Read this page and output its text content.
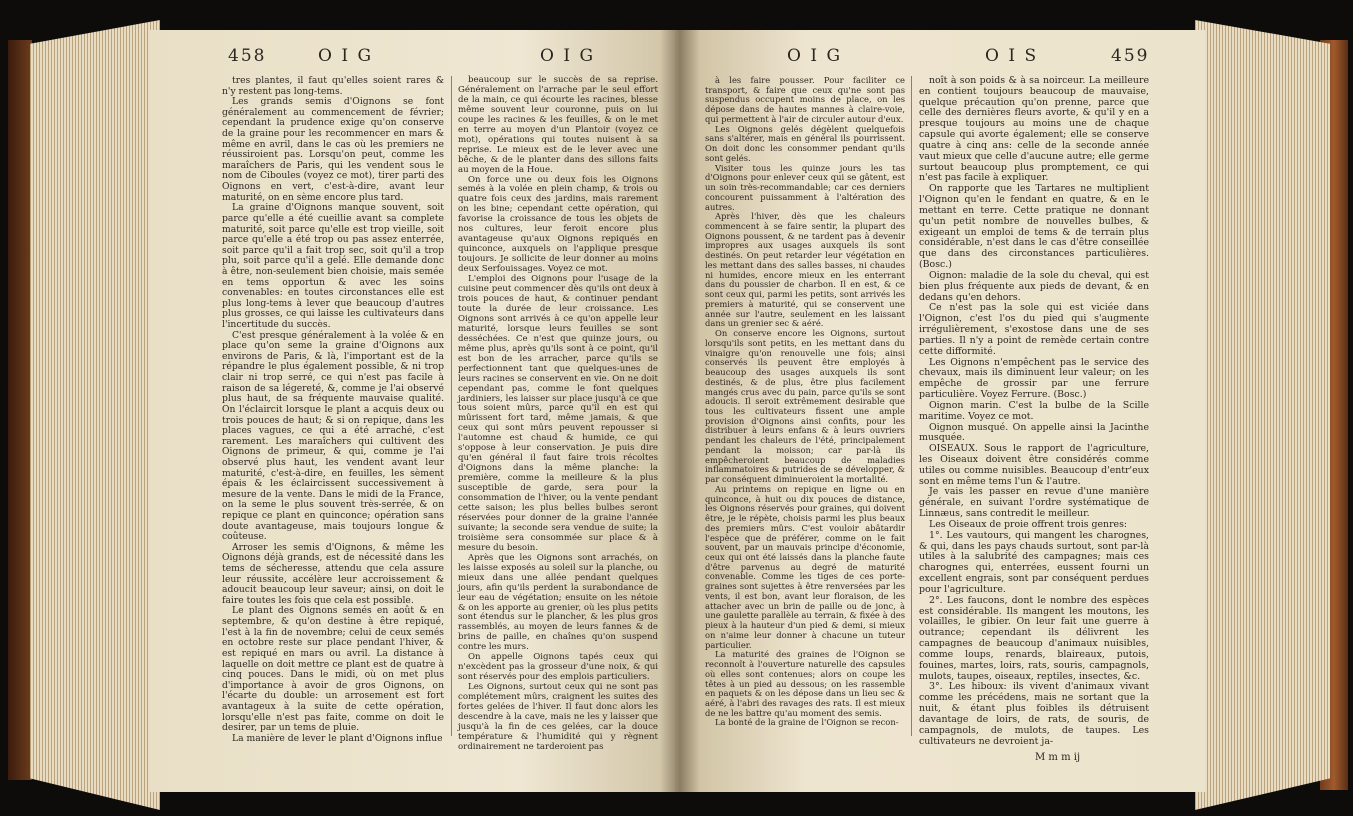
458	O I G	O I G

tres plantes, il faut qu'elles soient rares & n'y restent pas long-tems.

Les grands semis d'Oignons se font généralement au commencement de février; cependant la prudence exige qu'on conserve de la graine pour les recommencer en mars & même en avril, dans le cas où les premiers ne réussiroient pas. Lorsqu'on peut, comme les maraîchers de Paris, qui les vendent sous le nom de Ciboules (voyez ce mot), tirer parti des Oignons en vert, c'est-à-dire, avant leur maturité, on en sème encore plus tard.

La graine d'Oignons manque souvent, soit parce qu'elle a été cueillie avant sa complete maturité, soit parce qu'elle est trop vieille, soit parce qu'elle a été trop ou pas assez enterrée, soit parce qu'il a fait trop sec, soit qu'il a trop plu, soit parce qu'il a gelé. Elle demande donc à être, non-seulement bien choisie, mais semée en tems opportun & avec les soins convenables: en toutes circonstances elle est plus long-tems à lever que beaucoup d'autres plus grosses, ce qui laisse les cultivateurs dans l'incertitude du succès.

C'est presque généralement à la volée & en place qu'on seme la graine d'Oignons aux environs de Paris, & là, l'important est de la répandre le plus également possible, & ni trop clair ni trop serré, ce qui n'est pas facile à raison de sa légereté, &, comme je l'ai observé plus haut, de sa fréquente mauvaise qualité. On l'éclaircit lorsque le plant a acquis deux ou trois pouces de haut; & si on repique, dans les places vagues, ce qui a été arraché, c'est rarement. Les maraîchers qui cultivent des Oignons de primeur, & qui, comme je l'ai observé plus haut, les vendent avant leur maturité, c'est-à-dire, en feuilles, les sèment épais & les éclaircissent successivement à mesure de la vente. Dans le midi de la France, on la seme le plus souvent très-serrée, & on repique ce plant en quinconce; opération sans doute avantageuse, mais toujours longue & coûteuse.

Arroser les semis d'Oignons, & même les Oignons déjà grands, est de nécessité dans les tems de sécheresse, attendu que cela assure leur réussite, accélère leur accroissement & adoucit beaucoup leur saveur; ainsi, on doit le faire toutes les fois que cela est possible.

Le plant des Oignons semés en août & en septembre, & qu'on destine à être repiqué, l'est à la fin de novembre; celui de ceux semés en octobre reste sur place pendant l'hiver, & est repiqué en mars ou avril. La distance à laquelle on doit mettre ce plant est de quatre à cinq pouces. Dans le midi, où on met plus d'importance à avoir de gros Oignons, on l'écarte du double: un arrosement est fort avantageux à la suite de cette opération, lorsqu'elle n'est pas faite, comme on doit le desirer, par un tems de pluie.

La manière de lever le plant d'Oignons influe

beaucoup sur le succès de sa reprise. Généralement on l'arrache par le seul effort de la main, ce qui écourte les racines, blesse même souvent leur couronne, puis on lui coupe les racines & les feuilles, & on le met en terre au moyen d'un Plantoir (voyez ce mot), opérations qui toutes nuisent à sa reprise. Le mieux est de le lever avec une bêche, & de le planter dans des sillons faits au moyen de la Houe.

On force une ou deux fois les Oignons semés à la volée en plein champ, & trois ou quatre fois ceux des jardins, mais rarement on les bine; cependant cette opération, qui favorise la croissance de tous les objets de nos cultures, leur feroit encore plus avantageuse qu'aux Oignons repiqués en quinconce, auxquels on l'applique presque toujours. Je sollicite de leur donner au moins deux Serfouissages. Voyez ce mot.

L'emploi des Oignons pour l'usage de la cuisine peut commencer dès qu'ils ont deux à trois pouces de haut, & continuer pendant toute la durée de leur croissance. Les Oignons sont arrivés à ce qu'on appelle leur maturité, lorsque leurs feuilles se sont desséchées. Ce n'est que quinze jours, ou même plus, après qu'ils sont à ce point, qu'il est bon de les arracher, parce qu'ils se perfectionnent tant que quelques-unes de leurs racines se conservent en vie. On ne doit cependant pas, comme le font quelques jardiniers, les laisser sur place jusqu'à ce que tous soient mûrs, parce qu'il en est qui mûrissent fort tard, même jamais, & que ceux qui sont mûrs peuvent repousser si l'automne est chaud & humide, ce qui s'oppose à leur conservation. Je puis dire qu'en général il faut faire trois récoltes d'Oignons dans la même planche: la première, comme la meilleure & la plus susceptible de garde, sera pour la consommation de l'hiver, ou la vente pendant cette saison; les plus belles bulbes seront réservées pour donner de la graine l'année suivante; la seconde sera vendue de suite; la troisième sera consommée sur place & à mesure du besoin.

Après que les Oignons sont arrachés, on les laisse exposés au soleil sur la planche, ou mieux dans une allée pendant quelques jours, afin qu'ils perdent la surabondance de leur eau de végétation; ensuite on les nétoie & on les apporte au grenier, où les plus petits sont étendus sur le plancher, & les plus gros rassemblés, au moyen de leurs fannes & de brins de paille, en chaînes qu'on suspend contre les murs.

On appelle Oignons tapés ceux qui n'excèdent pas la grosseur d'une noix, & qui sont réservés pour des emplois particuliers.

Les Oignons, surtout ceux qui ne sont pas complétement mûrs, craignent les suites des fortes gelées de l'hiver. Il faut donc alors les descendre à la cave, mais ne les y laisser que jusqu'à la fin de ces gelées, car la douce température & l'humidité qui y règnent ordinairement ne tarderoient pas

O I G	O I S	459

à les faire pousser. Pour faciliter ce transport, & faire que ceux qu'ne sont pas suspendus occupent moins de place, on les dépose dans de hautes mannes à claire-voie, qui permettent à l'air de circuler autour d'eux.

Les Oignons gelés dégèlent quelquefois sans s'altérer, mais en général ils pourrissent. On doit donc les consommer pendant qu'ils sont gelés.

Visiter tous les quinze jours les tas d'Oignons pour enlever ceux qui se gâtent, est un soin très-recommandable; car ces derniers concourent puissamment à l'altération des autres.

Après l'hiver, dès que les chaleurs commencent à se faire sentir, la plupart des Oignons poussent, & ne tardent pas à devenir impropres aux usages auxquels ils sont destinés. On peut retarder leur végétation en les mettant dans des salles basses, ni chaudes ni humides, encore mieux en les enterrant dans du poussier de charbon. Il en est, & ce sont ceux qui, parmi les petits, sont arrivés les premiers à maturité, qui se conservent une année sur l'autre, seulement en les laissant dans un grenier sec & aéré.

On conserve encore les Oignons, surtout lorsqu'ils sont petits, en les mettant dans du vinaigre qu'on renouvelle une fois; ainsi conservés ils peuvent être employés à beaucoup des usages auxquels ils sont destinés, & de plus, être plus facilement mangés crus avec du pain, parce qu'ils se sont adoucis. Il seroit extrêmement desirable que tous les cultivateurs fissent une ample provision d'Oignons ainsi confits, pour les distribuer à leurs enfans & à leurs ouvriers pendant les chaleurs de l'été, principalement pendant la moisson; car par-là ils empêcheroient beaucoup de maladies inflammatoires & putrides de se développer, & par conséquent diminueroient la mortalité.

Au printems on repique en ligne ou en quinconce, à huit ou dix pouces de distance, les Oignons réservés pour graines, qui doivent être, je le répète, choisis parmi les plus beaux des premiers mûrs. C'est vouloir abâtardir l'espèce que de préférer, comme on le fait souvent, par un mauvais principe d'économie, ceux qui ont été laissés dans la planche faute d'être parvenus au degré de maturité convenable. Comme les tiges de ces porte-graines sont sujettes à être renversées par les vents, il est bon, avant leur floraison, de les attacher avec un brin de paille ou de jonc, à une gaulette parallèle au terrain, & fixée à des pieux à la hauteur d'un pied & demi, si mieux on n'aime leur donner à chacune un tuteur particulier.

La maturité des graines de l'Oignon se reconnoît à l'ouverture naturelle des capsules où elles sont contenues; alors on coupe les têtes à un pied au dessous; on les rassemble en paquets & on les dépose dans un lieu sec & aéré, à l'abri des ravages des rats. Il est mieux de ne les battre qu'au moment des semis.

La bonté de la graine de l'Oignon se recon-

noît à son poids & à sa noirceur. La meilleure en contient toujours beaucoup de mauvaise, quelque précaution qu'on prenne, parce que celle des dernières fleurs avorte, & qu'il y en a presque toujours au moins une de chaque capsule qui avorte également; elle se conserve quatre à cinq ans: celle de la seconde année vaut mieux que celle d'aucune autre; elle germe surtout beaucoup plus promptement, ce qui n'est pas facile à expliquer.

On rapporte que les Tartares ne multiplient l'Oignon qu'en le fendant en quatre, & en le mettant en terre. Cette pratique ne donnant qu'un petit nombre de nouvelles bulbes, & exigeant un emploi de tems & de terrain plus considérable, n'est dans le cas d'être conseillée que dans des circonstances particulières. (Bosc.)

Oignon: maladie de la sole du cheval, qui est bien plus fréquente aux pieds de devant, & en dedans qu'en dehors.

Ce n'est pas la sole qui est viciée dans l'Oignon, c'est l'os du pied qui s'augmente irrégulièrement, s'exostose dans une de ses parties. Il n'y a point de remède certain contre cette difformité.

Les Oignons n'empêchent pas le service des chevaux, mais ils diminuent leur valeur; on les empêche de grossir par une ferrure particulière. Voyez Ferrure. (Bosc.)

Oignon marin. C'est la bulbe de la Scille maritime. Voyez ce mot.

Oignon musqué. On appelle ainsi la Jacinthe musquée.

OISEAUX. Sous le rapport de l'agriculture, les Oiseaux doivent être considérés comme utiles ou comme nuisibles. Beaucoup d'entr'eux sont en même tems l'un & l'autre.

Je vais les passer en revue d'une manière générale, en suivant l'ordre systématique de Linnæus, sans contredit le meilleur.

Les Oiseaux de proie offrent trois genres:

1°. Les vautours, qui mangent les charognes, & qui, dans les pays chauds surtout, sont par-là utiles à la salubrité des campagnes; mais ces charognes qui, enterrées, eussent fourni un excellent engrais, sont par conséquent perdues pour l'agriculture.

2°. Les faucons, dont le nombre des espèces est considérable. Ils mangent les moutons, les volailles, le gibier. On leur fait une guerre à outrance; cependant ils délivrent les campagnes de beaucoup d'animaux nuisibles, comme loups, renards, blaireaux, putois, fouines, martes, loirs, rats, souris, campagnols, mulots, taupes, oiseaux, reptiles, insectes, &c.

3°. Les hiboux: ils vivent d'animaux vivant comme les précédens, mais ne sortant que la nuit, & étant plus foibles ils détruisent davantage de loirs, de rats, de souris, de campagnols, de mulots, de taupes. Les cultivateurs ne devroient ja-

M m m ij
